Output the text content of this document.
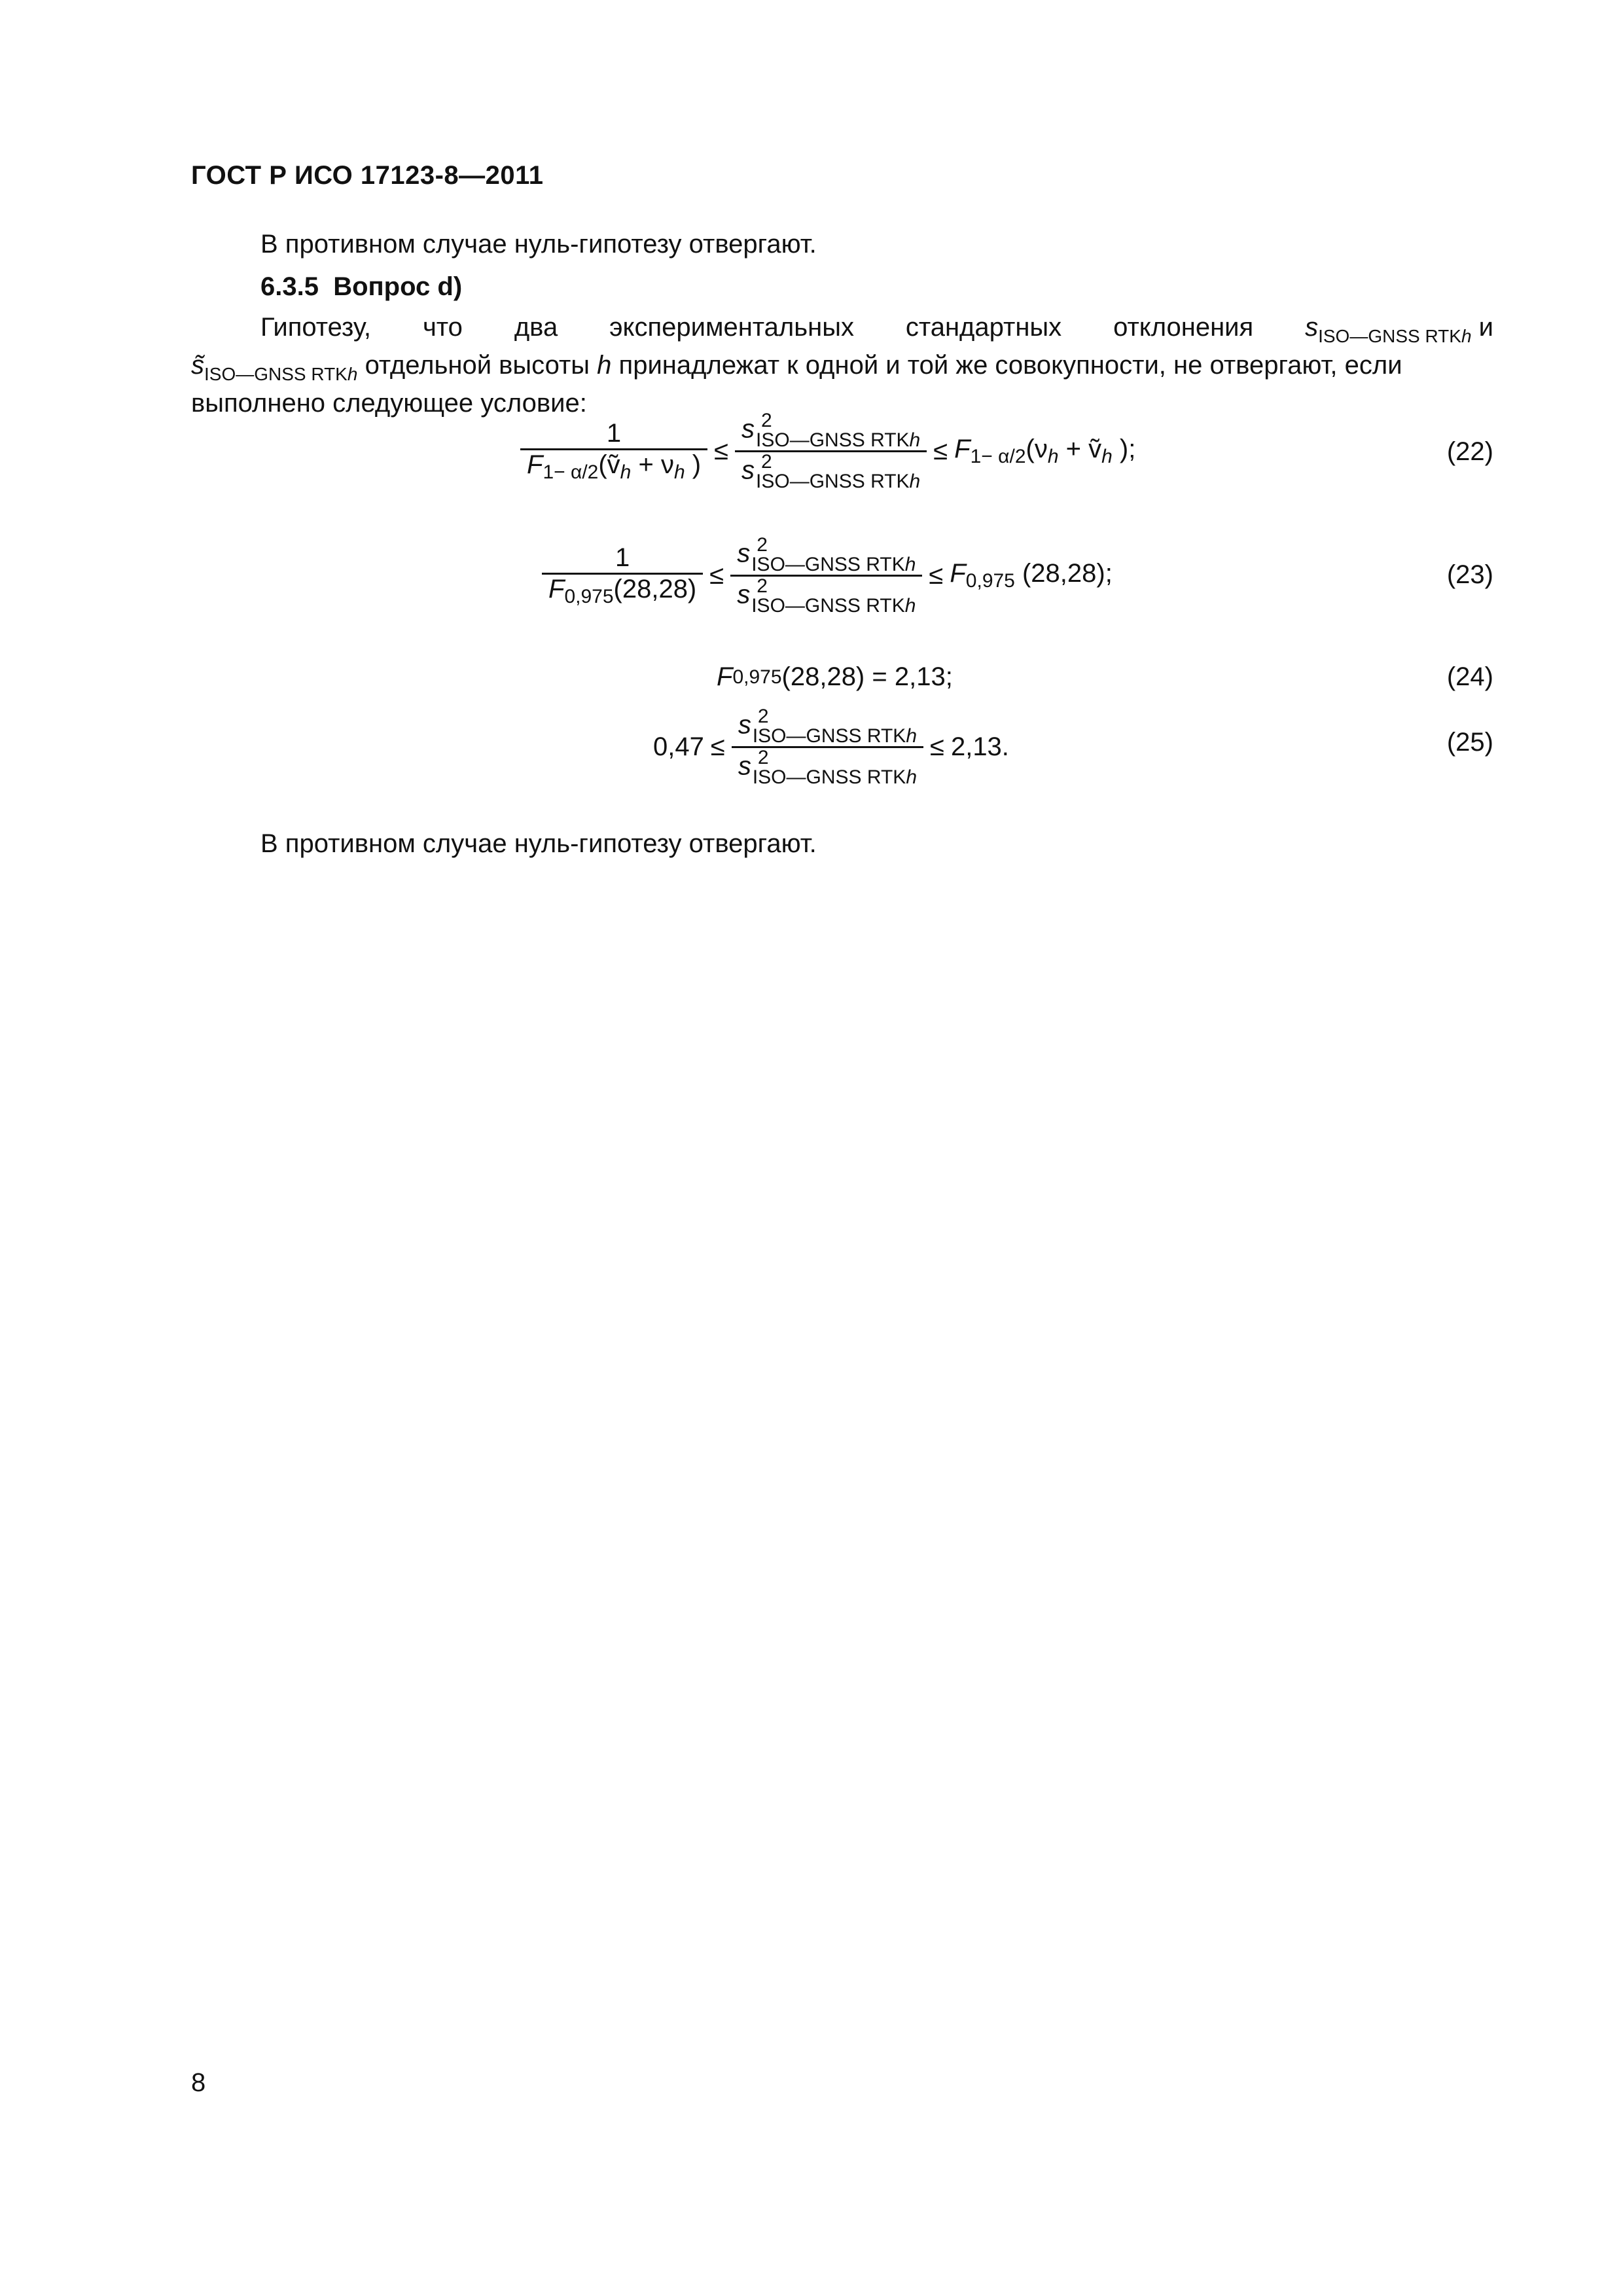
ГОСТ Р ИСО 17123-8—2011
В противном случае нуль-гипотезу отвергают.
6.3.5 Вопрос d)
Гипотезу, что два экспериментальных стандартных отклонения $s_{ISO—GNSS RTKh}$ и
$s̃_{ISO—GNSS RTKh}$ отдельной высоты h принадлежат к одной и той же совокупности, не отвергают, если
выполнено следующее условие:
$\frac{1}{F_{1- \alpha/2}(ṽ_h + \nu_h )} \le s$ 2
ISO—GNSS RTKh
s 2
ISO—GNSS RTKh ≤ $F_{1- \alpha/2}(\nu_h$ + ṽ$_h$ );	(22)
$\frac{1}{F_{0,975}(28,28)} \le s$ 2
ISO—GNSS RTKh
s 2
ISO—GNSS RTKh ≤ $F_{0,975}$ (28,28);	(23)
F 0,975 (28,28) = 2,13;	(24)
0,47 ≤ s 2
ISO—GNSS RTKh
s 2
ISO—GNSS RTKh ≤ 2,13.	(25)
В противном случае нуль-гипотезу отвергают.
8
